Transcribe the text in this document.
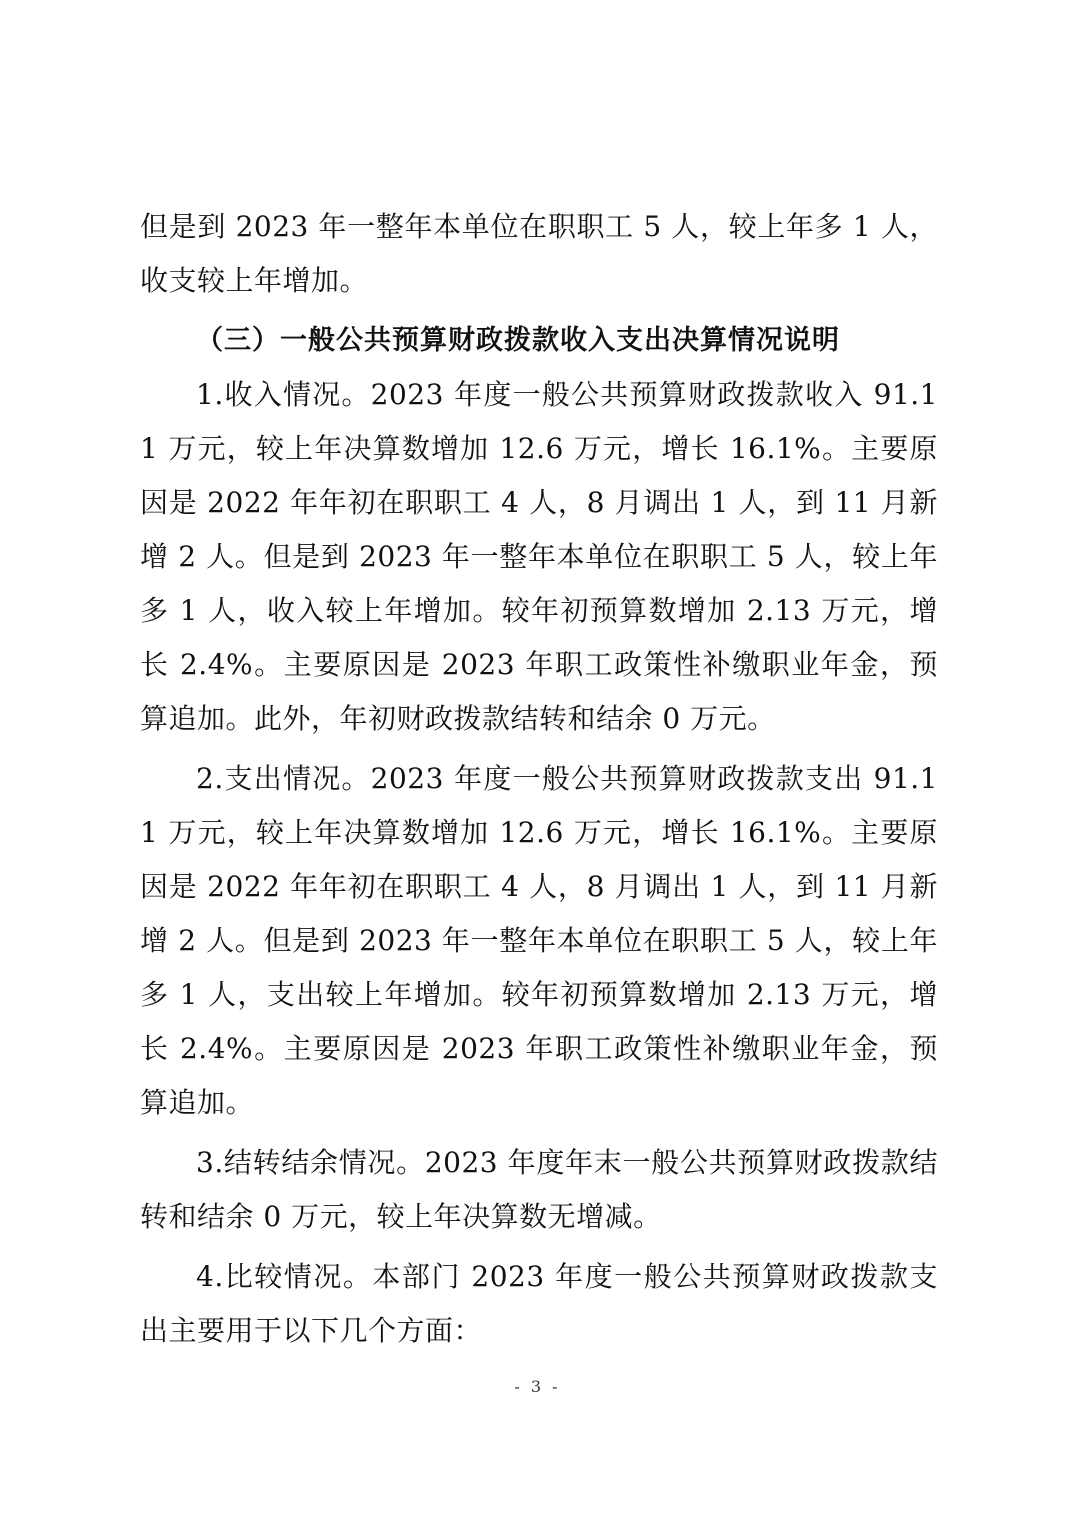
但是到 2023 年一整年本单位在职职工 5 人，较上年多 1 人，收支较上年增加。

（三）一般公共预算财政拨款收入支出决算情况说明

1.收入情况。2023 年度一般公共预算财政拨款收入 91.11 万元，较上年决算数增加 12.6 万元，增长 16.1%。主要原因是 2022 年年初在职职工 4 人，8 月调出 1 人，到 11 月新增 2 人。但是到 2023 年一整年本单位在职职工 5 人，较上年多 1 人，收入较上年增加。较年初预算数增加 2.13 万元，增长 2.4%。主要原因是 2023 年职工政策性补缴职业年金，预算追加。此外，年初财政拨款结转和结余 0 万元。

2.支出情况。2023 年度一般公共预算财政拨款支出 91.11 万元，较上年决算数增加 12.6 万元，增长 16.1%。主要原因是 2022 年年初在职职工 4 人，8 月调出 1 人，到 11 月新增 2 人。但是到 2023 年一整年本单位在职职工 5 人，较上年多 1 人，支出较上年增加。较年初预算数增加 2.13 万元，增长 2.4%。主要原因是 2023 年职工政策性补缴职业年金，预算追加。

3.结转结余情况。2023 年度年末一般公共预算财政拨款结转和结余 0 万元，较上年决算数无增减。

4.比较情况。本部门 2023 年度一般公共预算财政拨款支出主要用于以下几个方面：

- 3 -
